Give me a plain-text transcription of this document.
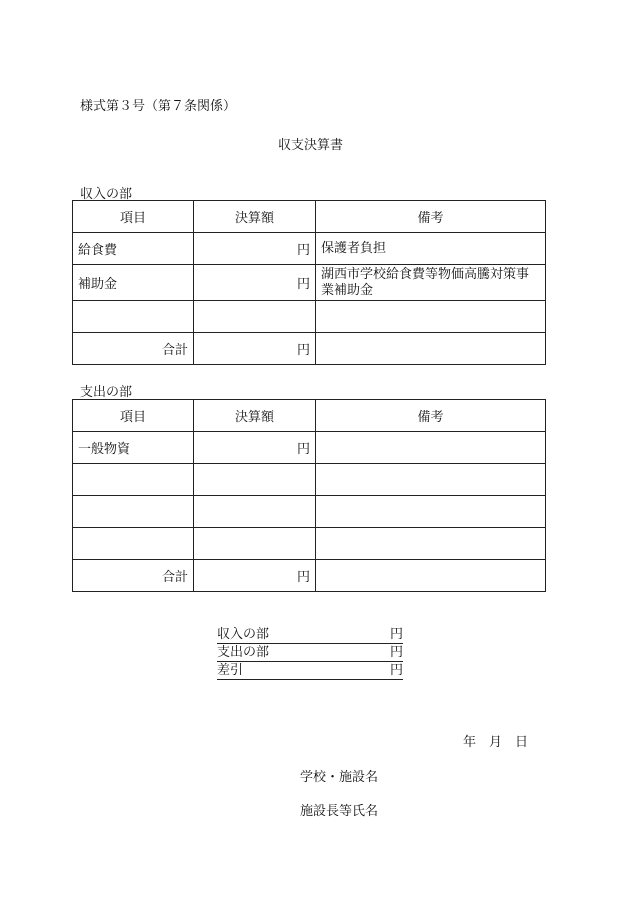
様式第３号（第７条関係）
収支決算書
収入の部
項目	決算額	備考
給食費	円	保護者負担
補助金	円	湖西市学校給食費等物価高騰対策事業補助金

合計	円	
支出の部
項目	決算額	備考
一般物資	円	

合計	円	
収入の部	円
支出の部	円
差引	円
年　月　日
学校・施設名
施設長等氏名
